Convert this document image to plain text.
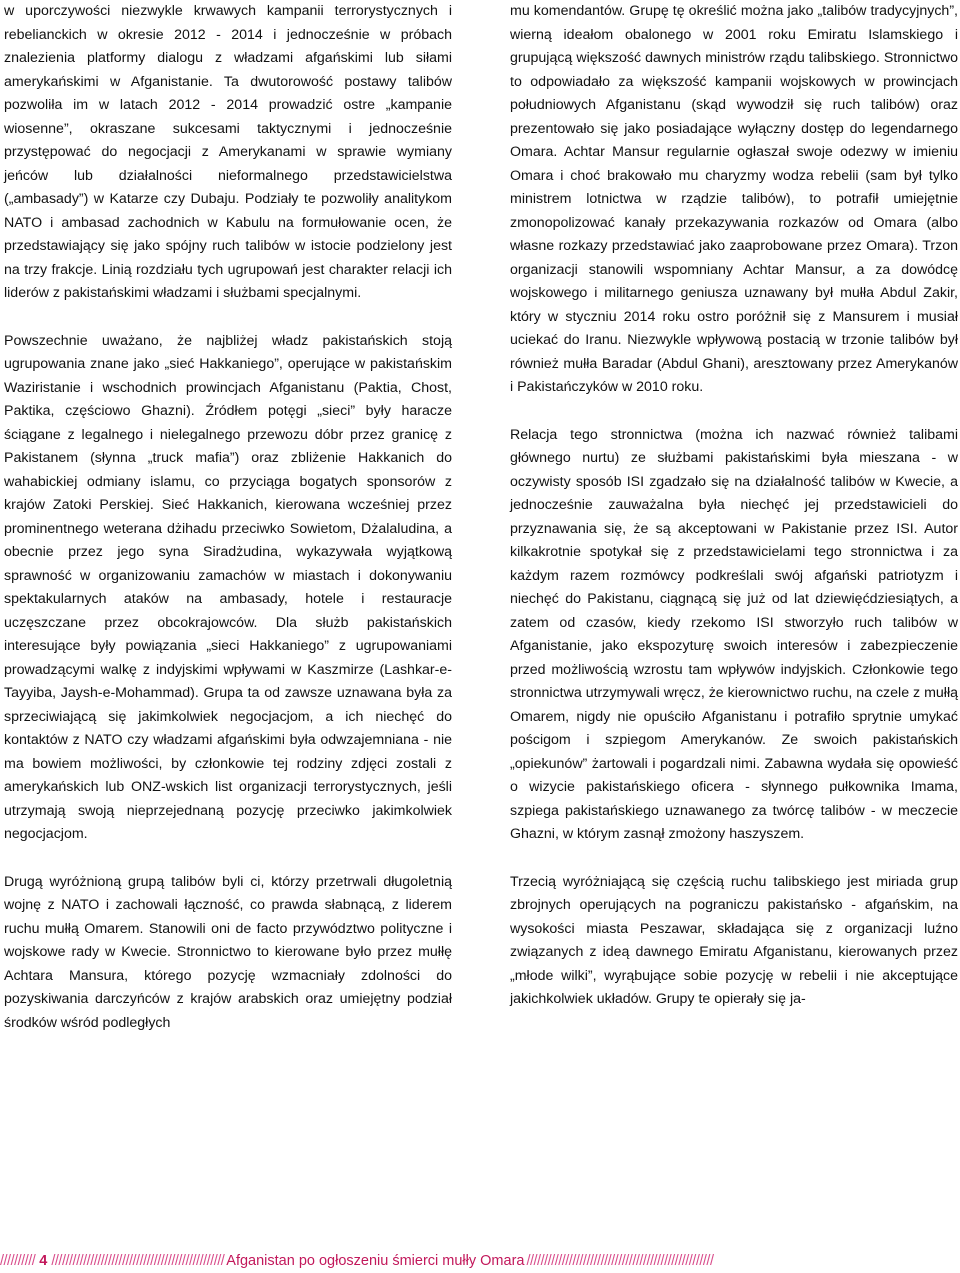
w uporczywości niezwykle krwawych kampanii terrorystycznych i rebelianckich w okresie 2012 - 2014 i jednocześnie w próbach znalezienia platformy dialogu z władzami afgańskimi lub siłami amerykańskimi w Afganistanie. Ta dwutorowość postawy talibów pozwoliła im w latach 2012 - 2014 prowadzić ostre „kampanie wiosenne”, okraszane sukcesami taktycznymi i jednocześnie przystępować do negocjacji z Amerykanami w sprawie wymiany jeńców lub działalności nieformalnego przedstawicielstwa („ambasady”) w Katarze czy Dubaju. Podziały te pozwoliły analitykom NATO i ambasad zachodnich w Kabulu na formułowanie ocen, że przedstawiający się jako spójny ruch talibów w istocie podzielony jest na trzy frakcje. Linią rozdziału tych ugrupowań jest charakter relacji ich liderów z pakistańskimi władzami i służbami specjalnymi.

Powszechnie uważano, że najbliżej władz pakistańskich stoją ugrupowania znane jako „sieć Hakkaniego”, operujące w pakistańskim Waziristanie i wschodnich prowincjach Afganistanu (Paktia, Chost, Paktika, częściowo Ghazni). Źródłem potęgi „sieci” były haracze ściągane z legalnego i nielegalnego przewozu dóbr przez granicę z Pakistanem (słynna „truck mafia”) oraz zbliżenie Hakkanich do wahabickiej odmiany islamu, co przyciąga bogatych sponsorów z krajów Zatoki Perskiej. Sieć Hakkanich, kierowana wcześniej przez prominentnego weterana dżihadu przeciwko Sowietom, Dżalaludina, a obecnie przez jego syna Siradżudina, wykazywała wyjątkową sprawność w organizowaniu zamachów w miastach i dokonywaniu spektakularnych ataków na ambasady, hotele i restauracje uczęszczane przez obcokrajowców. Dla służb pakistańskich interesujące były powiązania „sieci Hakkaniego” z ugrupowaniami prowadzącymi walkę z indyjskimi wpływami w Kaszmirze (Lashkar-e-Tayyiba, Jaysh-e-Mohammad). Grupa ta od zawsze uznawana była za sprzeciwiającą się jakimkolwiek negocjacjom, a ich niechęć do kontaktów z NATO czy władzami afgańskimi była odwzajemniana - nie ma bowiem możliwości, by członkowie tej rodziny zdjęci zostali z amerykańskich lub ONZ-wskich list organizacji terrorystycznych, jeśli utrzymają swoją nieprzejednaną pozycję przeciwko jakimkolwiek negocjacjom.

Drugą wyróżnioną grupą talibów byli ci, którzy przetrwali długoletnią wojnę z NATO i zachowali łączność, co prawda słabnącą, z liderem ruchu mułłą Omarem. Stanowili oni de facto przywództwo polityczne i wojskowe rady w Kwecie. Stronnictwo to kierowane było przez mułłę Achtara Mansura, którego pozycję wzmacniały zdolności do pozyskiwania darczyńców z krajów arabskich oraz umiejętny podział środków wśród podległych

mu komendantów. Grupę tę określić można jako „talibów tradycyjnych”, wierną ideałom obalonego w 2001 roku Emiratu Islamskiego i grupującą większość dawnych ministrów rządu talibskiego. Stronnictwo to odpowiadało za większość kampanii wojskowych w prowincjach południowych Afganistanu (skąd wywodził się ruch talibów) oraz prezentowało się jako posiadające wyłączny dostęp do legendarnego Omara. Achtar Mansur regularnie ogłaszał swoje odezwy w imieniu Omara i choć brakowało mu charyzmy wodza rebelii (sam był tylko ministrem lotnictwa w rządzie talibów), to potrafił umiejętnie zmonopolizować kanały przekazywania rozkazów od Omara (albo własne rozkazy przedstawiać jako zaaprobowane przez Omara). Trzon organizacji stanowili wspomniany Achtar Mansur, a za dowódcę wojskowego i militarnego geniusza uznawany był mułła Abdul Zakir, który w styczniu 2014 roku ostro poróżnił się z Mansurem i musiał uciekać do Iranu. Niezwykle wpływową postacią w trzonie talibów był również mułła Baradar (Abdul Ghani), aresztowany przez Amerykanów i Pakistańczyków w 2010 roku.

Relacja tego stronnictwa (można ich nazwać również talibami głównego nurtu) ze służbami pakistańskimi była mieszana - w oczywisty sposób ISI zgadzało się na działalność talibów w Kwecie, a jednocześnie zauważalna była niechęć jej przedstawicieli do przyznawania się, że są akceptowani w Pakistanie przez ISI. Autor kilkakrotnie spotykał się z przedstawicielami tego stronnictwa i za każdym razem rozmówcy podkreślali swój afgański patriotyzm i niechęć do Pakistanu, ciągnącą się już od lat dziewięćdziesiątych, a zatem od czasów, kiedy rzekomo ISI stworzyło ruch talibów w Afganistanie, jako ekspozyturę swoich interesów i zabezpieczenie przed możliwością wzrostu tam wpływów indyjskich. Członkowie tego stronnictwa utrzymywali wręcz, że kierownictwo ruchu, na czele z mułłą Omarem, nigdy nie opuściło Afganistanu i potrafiło sprytnie umykać pościgom i szpiegom Amerykanów. Ze swoich pakistańskich „opiekunów” żartowali i pogardzali nimi. Zabawna wydała się opowieść o wizycie pakistańskiego oficera - słynnego pułkownika Imama, szpiega pakistańskiego uznawanego za twórcę talibów - w meczecie Ghazni, w którym zasnął zmożony haszyszem.

Trzecią wyróżniającą się częścią ruchu talibskiego jest miriada grup zbrojnych operujących na pograniczu pakistańsko - afgańskim, na wysokości miasta Peszawar, składająca się z organizacji luźno związanych z ideą dawnego Emiratu Afganistanu, kierowanych przez „młode wilki”, wyrąbujące sobie pozycję w rebelii i nie akceptujące jakichkolwiek układów. Grupy te opierały się ja-

////////// 4 ///////////////////////////////////////////////// Afganistan po ogłoszeniu śmierci mułły Omara /////////////////////////////////////////////////////
